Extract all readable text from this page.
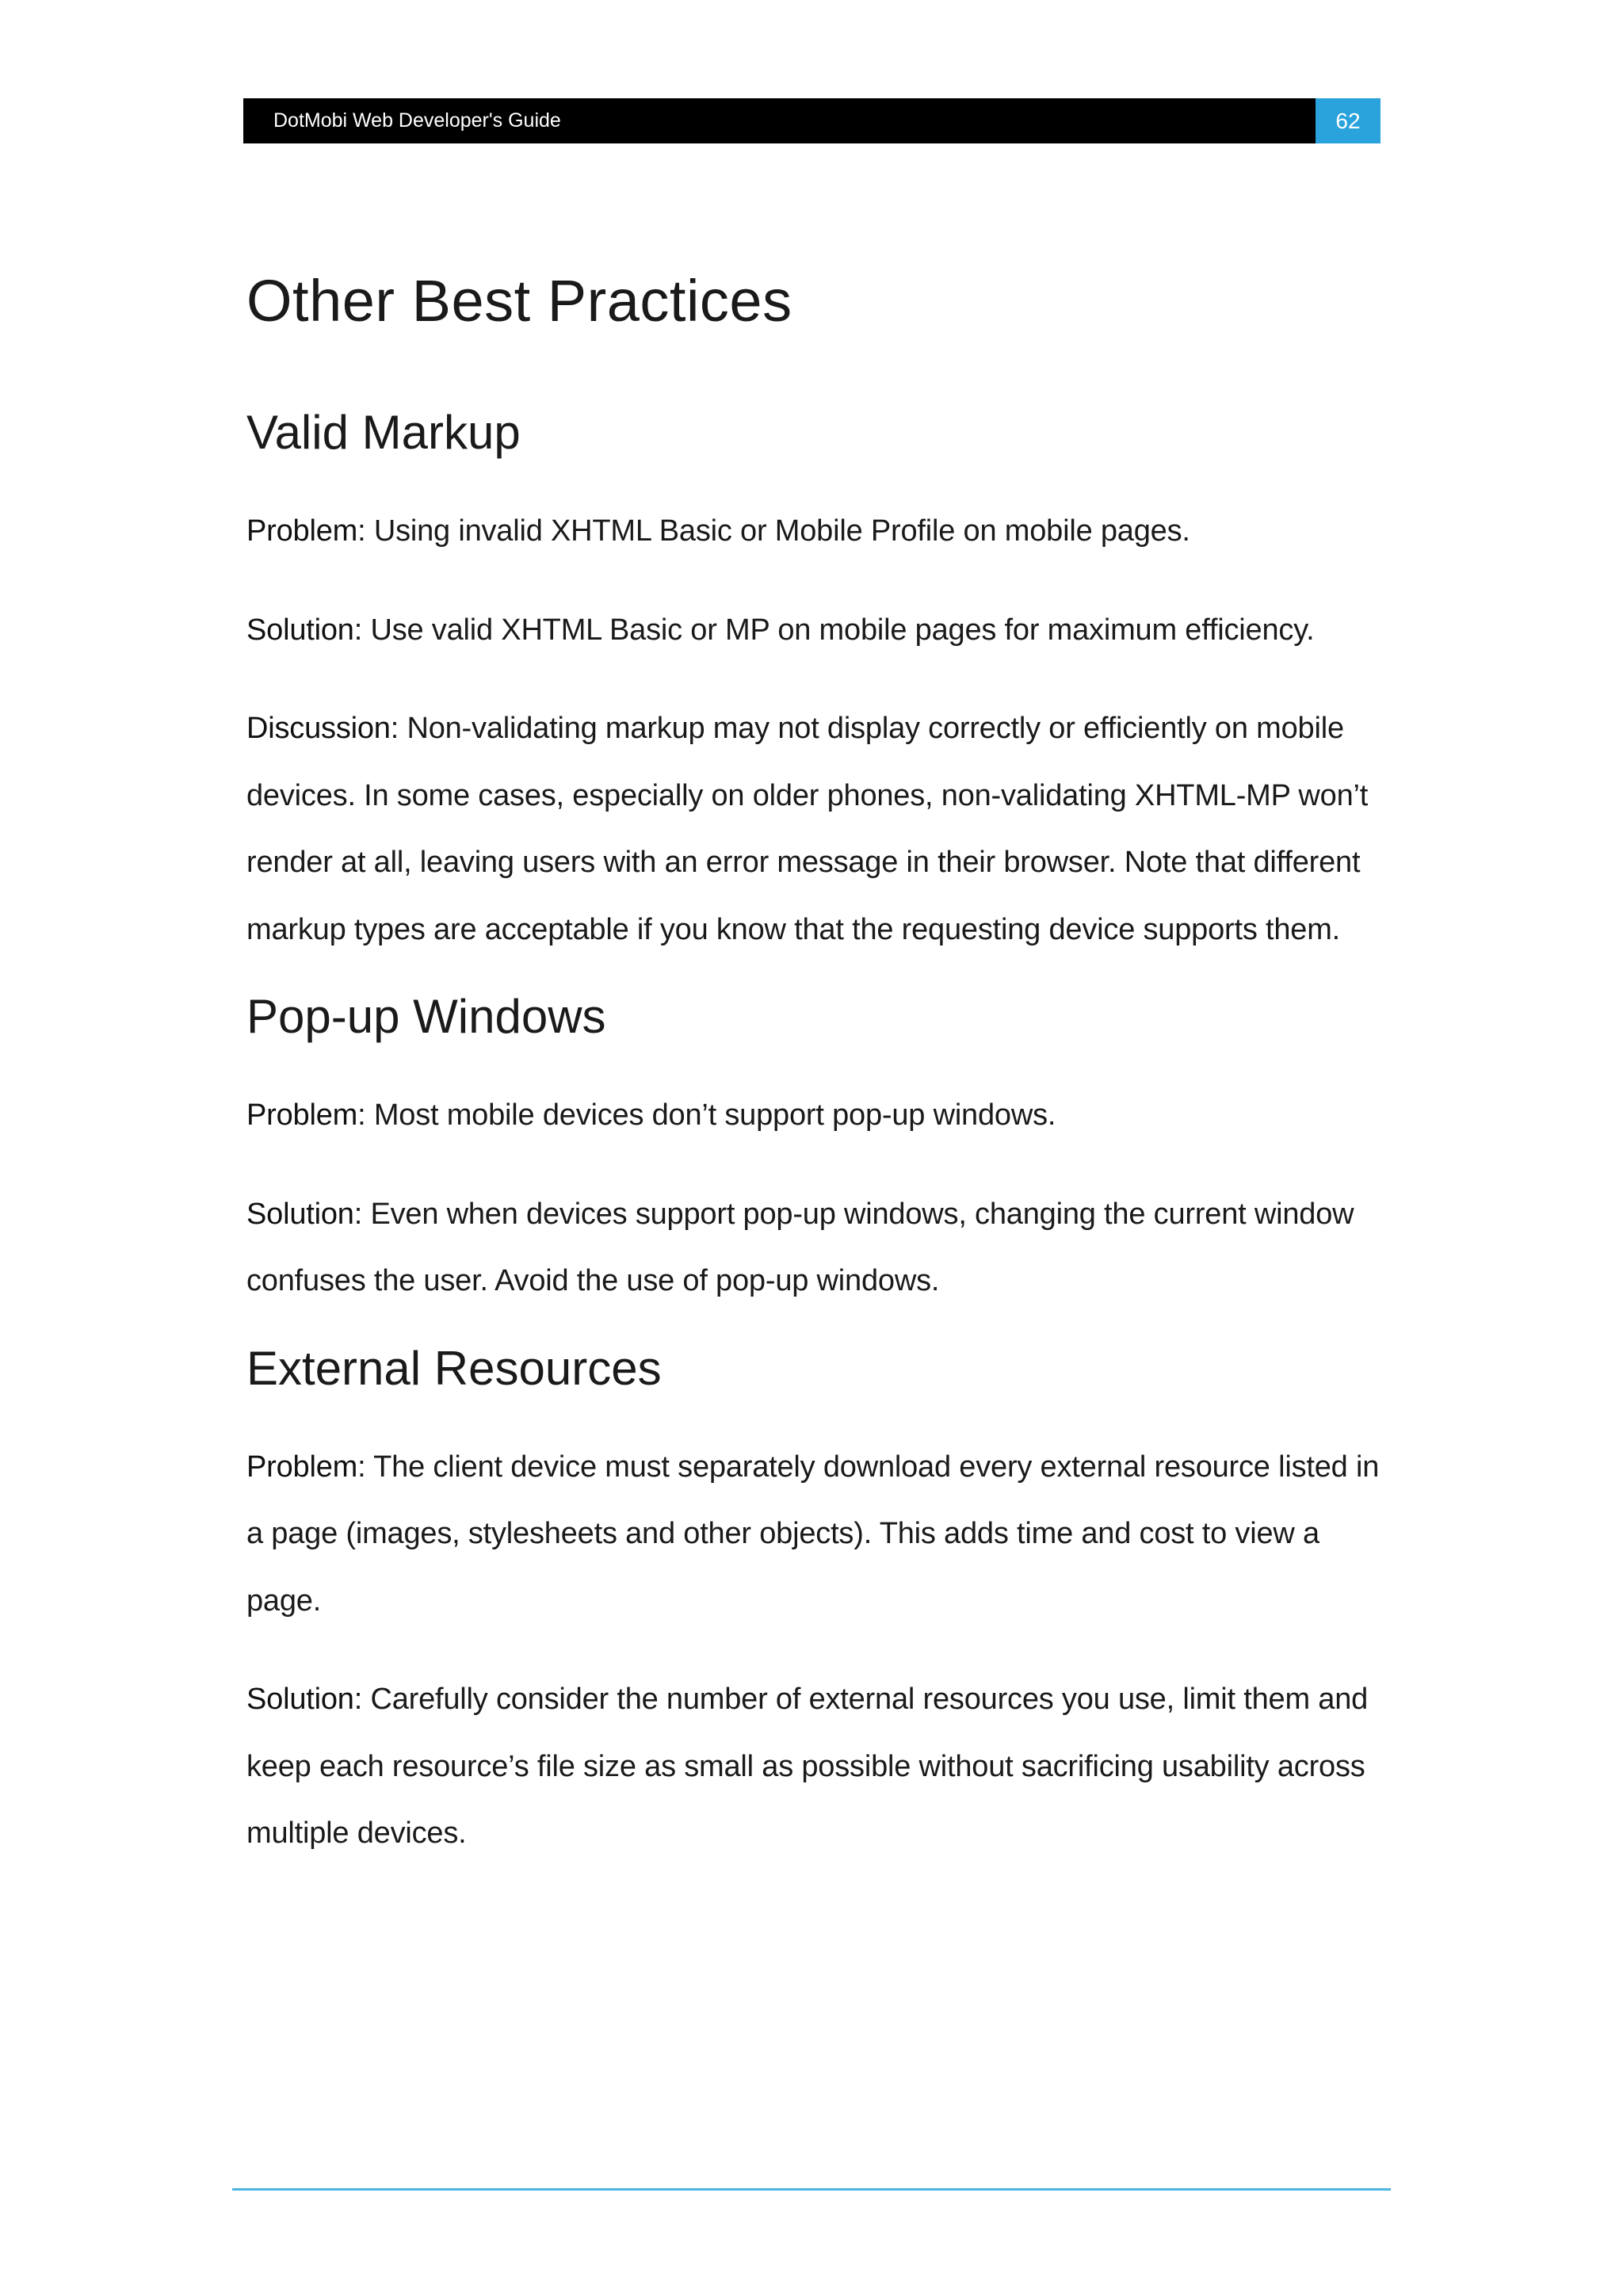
DotMobi Web Developer's Guide	62
Other Best Practices
Valid Markup

Problem: Using invalid XHTML Basic or Mobile Profile on mobile pages.

Solution: Use valid XHTML Basic or MP on mobile pages for maximum efficiency.

Discussion: Non-validating markup may not display correctly or efficiently on mobile devices. In some cases, especially on older phones, non-validating XHTML-MP won’t render at all, leaving users with an error message in their browser. Note that different markup types are acceptable if you know that the requesting device supports them.

Pop-up Windows

Problem: Most mobile devices don’t support pop-up windows.

Solution: Even when devices support pop-up windows, changing the current window confuses the user. Avoid the use of pop-up windows.

External Resources

Problem: The client device must separately download every external resource listed in a page (images, stylesheets and other objects). This adds time and cost to view a page.

Solution: Carefully consider the number of external resources you use, limit them and keep each resource’s file size as small as possible without sacrificing usability across multiple devices.
